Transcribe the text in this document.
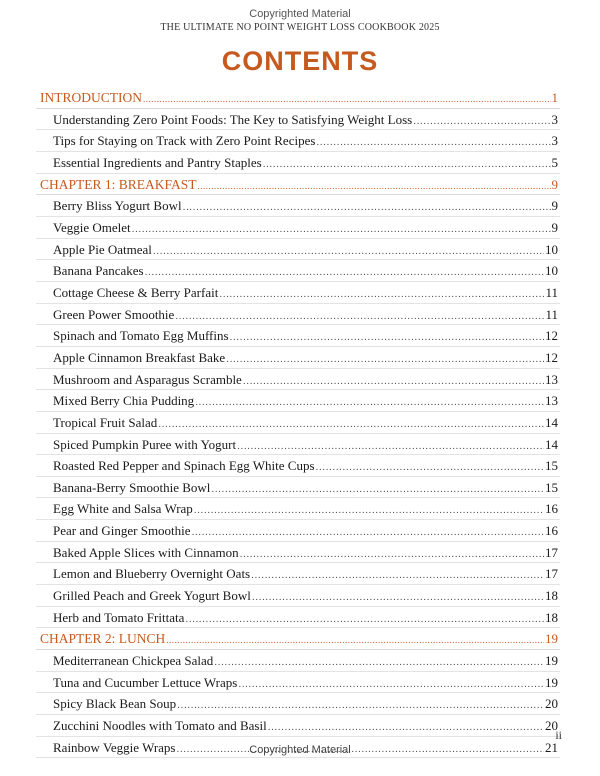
Copyrighted Material
THE ULTIMATE NO POINT WEIGHT LOSS COOKBOOK 2025
CONTENTS
INTRODUCTION .....	1
Understanding Zero Point Foods: The Key to Satisfying Weight Loss .....	3
Tips for Staying on Track with Zero Point Recipes .....	3
Essential Ingredients and Pantry Staples .....	5
CHAPTER 1: BREAKFAST .....	9
Berry Bliss Yogurt Bowl .....	9
Veggie Omelet .....	9
Apple Pie Oatmeal .....	10
Banana Pancakes .....	10
Cottage Cheese & Berry Parfait .....	11
Green Power Smoothie .....	11
Spinach and Tomato Egg Muffins .....	12
Apple Cinnamon Breakfast Bake .....	12
Mushroom and Asparagus Scramble .....	13
Mixed Berry Chia Pudding .....	13
Tropical Fruit Salad .....	14
Spiced Pumpkin Puree with Yogurt .....	14
Roasted Red Pepper and Spinach Egg White Cups .....	15
Banana-Berry Smoothie Bowl .....	15
Egg White and Salsa Wrap .....	16
Pear and Ginger Smoothie .....	16
Baked Apple Slices with Cinnamon .....	17
Lemon and Blueberry Overnight Oats .....	17
Grilled Peach and Greek Yogurt Bowl .....	18
Herb and Tomato Frittata .....	18
CHAPTER 2: LUNCH .....	19
Mediterranean Chickpea Salad .....	19
Tuna and Cucumber Lettuce Wraps .....	19
Spicy Black Bean Soup .....	20
Zucchini Noodles with Tomato and Basil .....	20
Rainbow Veggie Wraps .....	21
ii
Copyrighted Material
